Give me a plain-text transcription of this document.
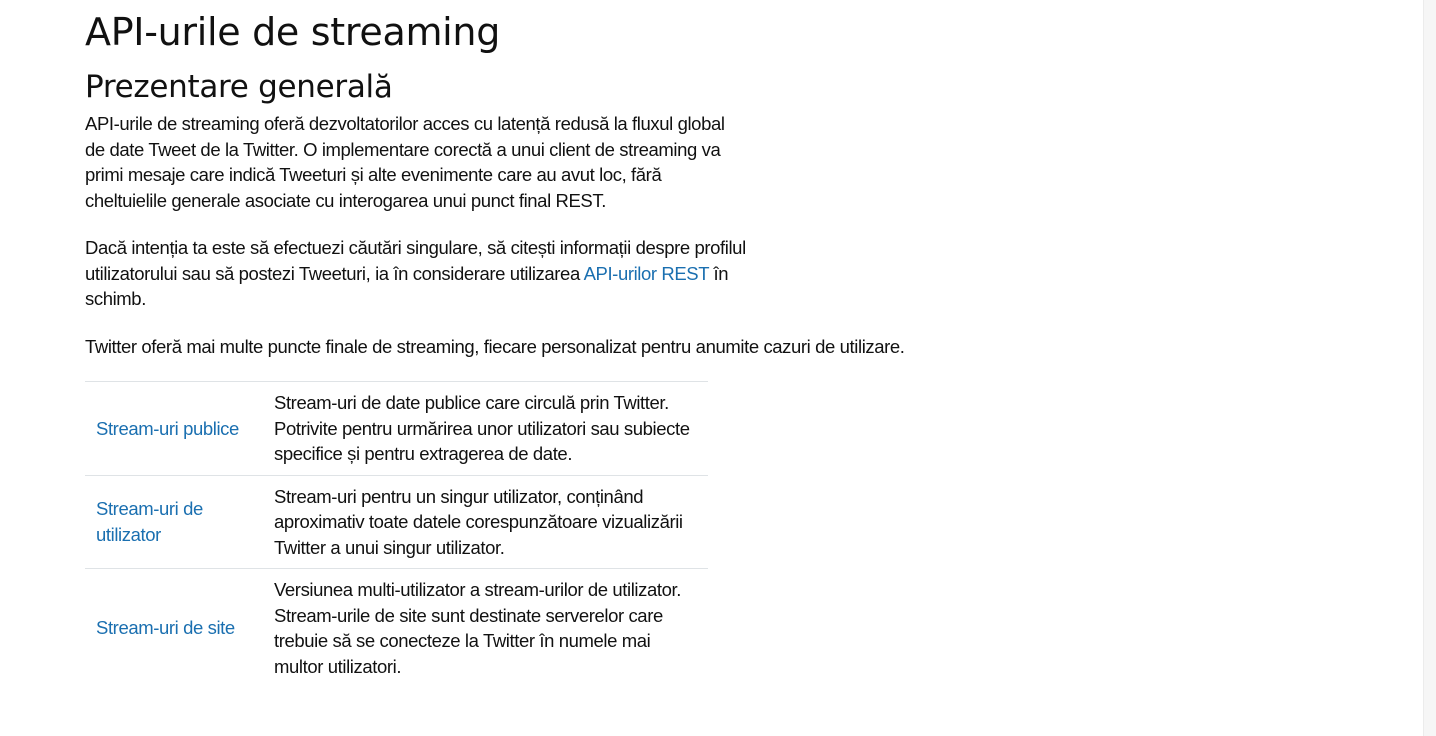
API-urile de streaming
Prezentare generală

API-urile de streaming oferă dezvoltatorilor acces cu latență redusă la fluxul global de date Tweet de la Twitter. O implementare corectă a unui client de streaming va primi mesaje care indică Tweeturi și alte evenimente care au avut loc, fără cheltuielile generale asociate cu interogarea unui punct final REST.

Dacă intenția ta este să efectuezi căutări singulare, să citești informații despre profilul utilizatorului sau să postezi Tweeturi, ia în considerare utilizarea API-urilor REST în schimb.

Twitter oferă mai multe puncte finale de streaming, fiecare personalizat pentru anumite cazuri de utilizare.

Stream-uri publice	Stream-uri de date publice care circulă prin Twitter. Potrivite pentru urmărirea unor utilizatori sau subiecte specifice și pentru extragerea de date.
Stream-uri de utilizator	Stream-uri pentru un singur utilizator, conținând aproximativ toate datele corespunzătoare vizualizării Twitter a unui singur utilizator.
Stream-uri de site	Versiunea multi-utilizator a stream-urilor de utilizator. Stream-urile de site sunt destinate serverelor care trebuie să se conecteze la Twitter în numele mai multor utilizatori.
